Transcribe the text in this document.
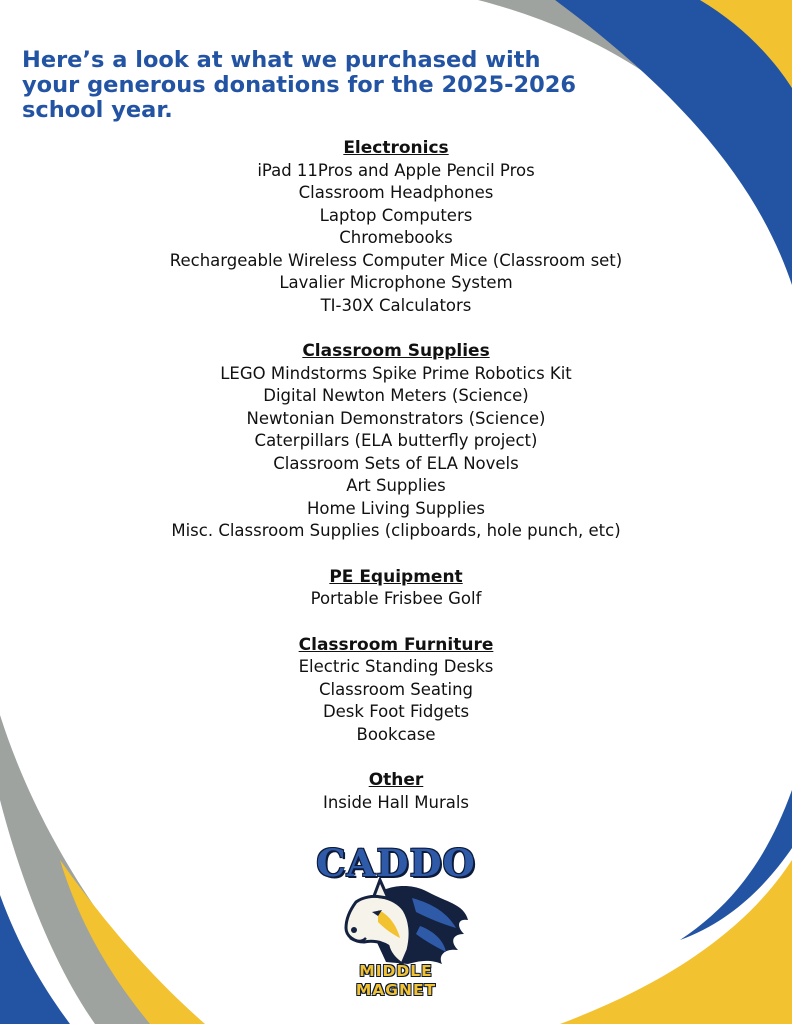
Here’s a look at what we purchased with
your generous donations for the 2025-2026
school year.
Electronics
iPad 11Pros and Apple Pencil Pros
Classroom Headphones
Laptop Computers
Chromebooks
Rechargeable Wireless Computer Mice (Classroom set)
Lavalier Microphone System
TI-30X Calculators
Classroom Supplies
LEGO Mindstorms Spike Prime Robotics Kit
Digital Newton Meters (Science)
Newtonian Demonstrators (Science)
Caterpillars (ELA butterfly project)
Classroom Sets of ELA Novels
Art Supplies
Home Living Supplies
Misc. Classroom Supplies (clipboards, hole punch, etc)
PE Equipment
Portable Frisbee Golf
Classroom Furniture
Electric Standing Desks
Classroom Seating
Desk Foot Fidgets
Bookcase
Other
Inside Hall Murals
CADDO
MIDDLE
MAGNET
